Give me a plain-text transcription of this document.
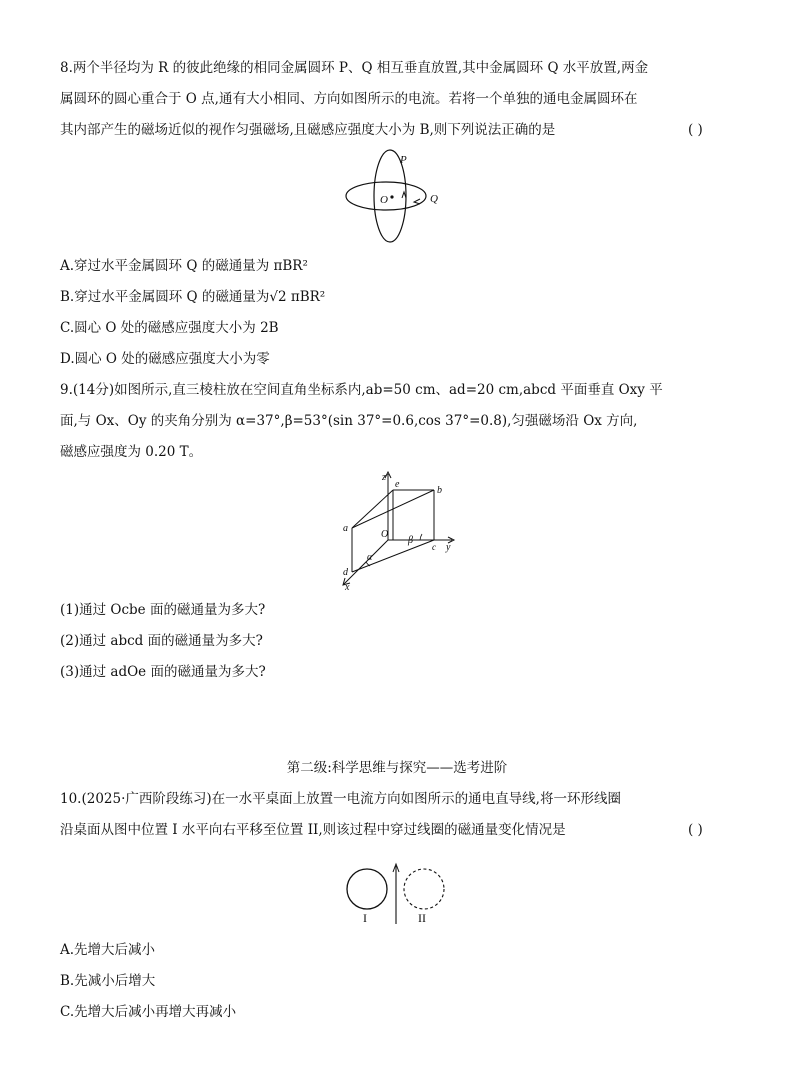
8.两个半径均为 R 的彼此绝缘的相同金属圆环 P、Q 相互垂直放置,其中金属圆环 Q 水平放置,两金
属圆环的圆心重合于 O 点,通有大小相同、方向如图所示的电流。若将一个单独的通电金属圆环在
其内部产生的磁场近似的视作匀强磁场,且磁感应强度大小为 B,则下列说法正确的是	( )
P
Q
O
A.穿过水平金属圆环 Q 的磁通量为 πBR²
B.穿过水平金属圆环 Q 的磁通量为√2 πBR²
C.圆心 O 处的磁感应强度大小为 2B
D.圆心 O 处的磁感应强度大小为零
9.(14分)如图所示,直三棱柱放在空间直角坐标系内,ab=50 cm、ad=20 cm,abcd 平面垂直 Oxy 平
面,与 Ox、Oy 的夹角分别为 α=37°,β=53°(sin 37°=0.6,cos 37°=0.8),匀强磁场沿 Ox 方向,
磁感应强度为 0.20 T。
z
e
b
a
O
β
c y
α
d
x
(1)通过 Ocbe 面的磁通量为多大?
(2)通过 abcd 面的磁通量为多大?
(3)通过 adOe 面的磁通量为多大?
第二级:科学思维与探究——选考进阶
10.(2025·广西阶段练习)在一水平桌面上放置一电流方向如图所示的通电直导线,将一环形线圈
沿桌面从图中位置 I 水平向右平移至位置 II,则该过程中穿过线圈的磁通量变化情况是	( )
I	II
A.先增大后减小
B.先减小后增大
C.先增大后减小再增大再减小
